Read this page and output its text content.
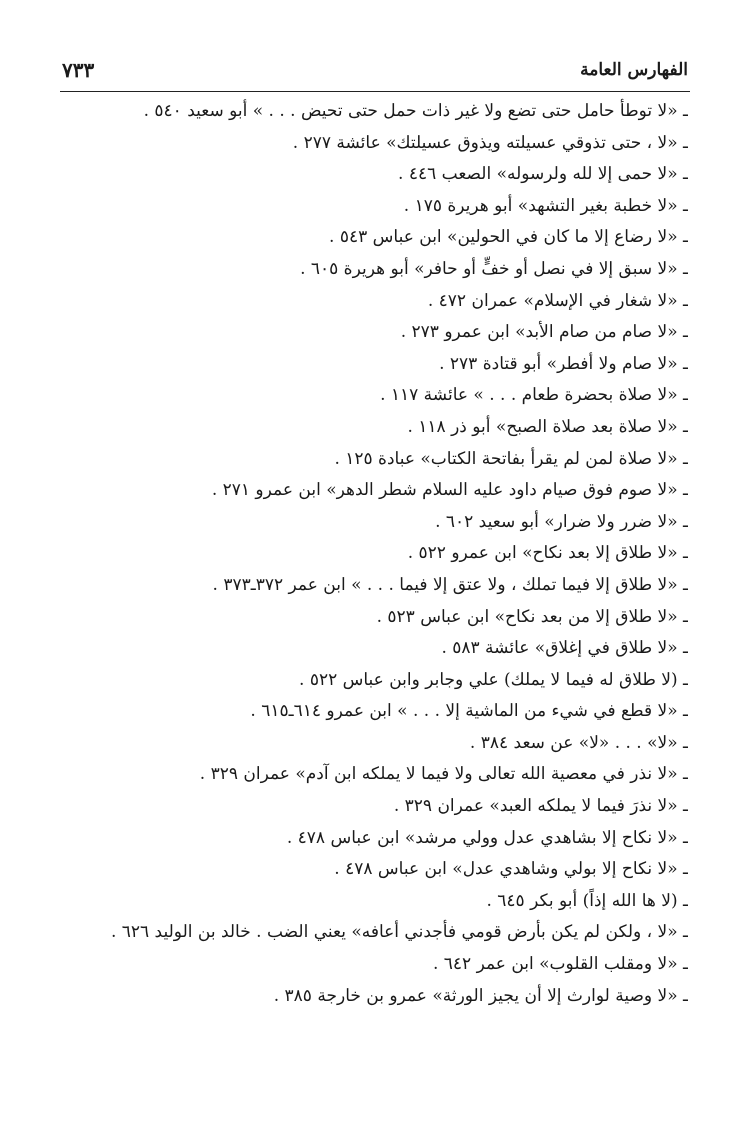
الفهارس العامة
٧٣٣
ـ «لا توطأ حامل حتى تضع ولا غير ذات حمل حتى تحيض . . . » أبو سعيد ٥٤٠ .
ـ «لا ، حتى تذوقي عسيلته ويذوق عسيلتك» عائشة ٢٧٧ .
ـ «لا حمى إلا لله ولرسوله» الصعب ٤٤٦ .
ـ «لا خطبة بغير التشهد» أبو هريرة ١٧٥ .
ـ «لا رضاع إلا ما كان في الحولين» ابن عباس ٥٤٣ .
ـ «لا سبق إلا في نصل أو خفٍّ أو حافر» أبو هريرة ٦٠٥ .
ـ «لا شغار في الإسلام» عمران ٤٧٢ .
ـ «لا صام من صام الأبد» ابن عمرو ٢٧٣ .
ـ «لا صام ولا أفطر» أبو قتادة ٢٧٣ .
ـ «لا صلاة بحضرة طعام . . . » عائشة ١١٧ .
ـ «لا صلاة بعد صلاة الصبح» أبو ذر ١١٨ .
ـ «لا صلاة لمن لم يقرأ بفاتحة الكتاب» عبادة ١٢٥ .
ـ «لا صوم فوق صيام داود عليه السلام شطر الدهر» ابن عمرو ٢٧١ .
ـ «لا ضرر ولا ضرار» أبو سعيد ٦٠٢ .
ـ «لا طلاق إلا بعد نكاح» ابن عمرو ٥٢٢ .
ـ «لا طلاق إلا فيما تملك ، ولا عتق إلا فيما . . . » ابن عمر ٣٧٢ـ٣٧٣ .
ـ «لا طلاق إلا من بعد نكاح» ابن عباس ٥٢٣ .
ـ «لا طلاق في إغلاق» عائشة ٥٨٣ .
ـ (لا طلاق له فيما لا يملك) علي وجابر وابن عباس ٥٢٢ .
ـ «لا قطع في شيء من الماشية إلا . . . » ابن عمرو ٦١٤ـ٦١٥ .
ـ «لا» . . . «لا» عن سعد ٣٨٤ .
ـ «لا نذر في معصية الله تعالى ولا فيما لا يملكه ابن آدم» عمران ٣٢٩ .
ـ «لا نذرَ فيما لا يملكه العبد» عمران ٣٢٩ .
ـ «لا نكاح إلا بشاهدي عدل وولي مرشد» ابن عباس ٤٧٨ .
ـ «لا نكاح إلا بولي وشاهدي عدل» ابن عباس ٤٧٨ .
ـ (لا ها الله إذاً) أبو بكر ٦٤٥ .
ـ «لا ، ولكن لم يكن بأرض قومي فأجدني أعافه» يعني الضب . خالد بن الوليد ٦٢٦ .
ـ «لا ومقلب القلوب» ابن عمر ٦٤٢ .
ـ «لا وصية لوارث إلا أن يجيز الورثة» عمرو بن خارجة ٣٨٥ .
